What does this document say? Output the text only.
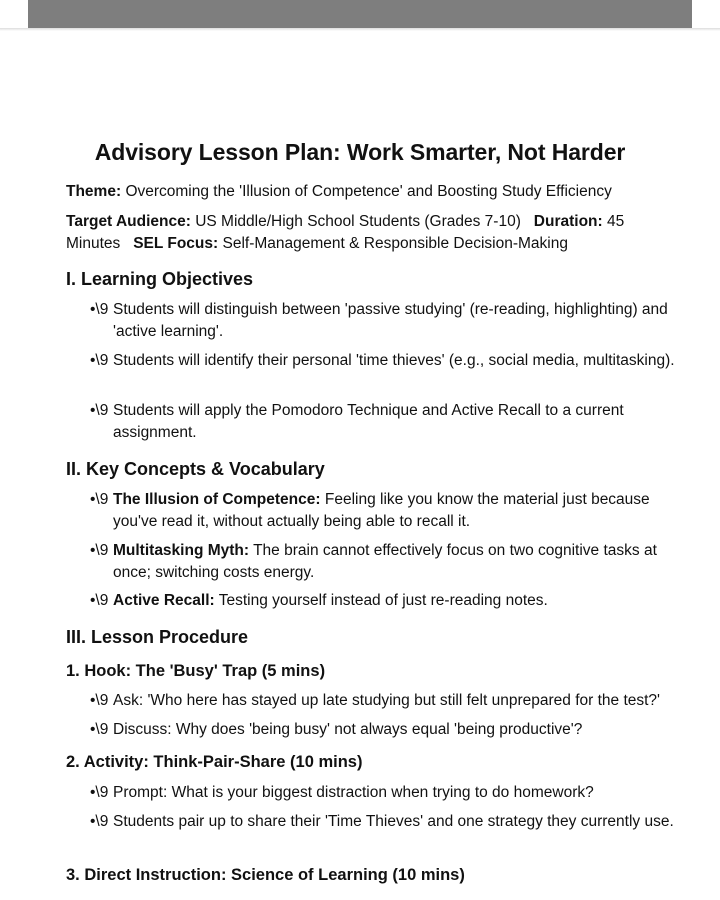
Advisory Lesson Plan: Work Smarter, Not Harder

Theme: Overcoming the 'Illusion of Competence' and Boosting Study Efficiency

Target Audience: US Middle/High School Students (Grades 7-10) Duration: 45 Minutes SEL Focus: Self-Management & Responsible Decision-Making

I. Learning Objectives

•\9 Students will distinguish between 'passive studying' (re-reading, highlighting) and 'active learning'.

•\9 Students will identify their personal 'time thieves' (e.g., social media, multitasking).

•\9 Students will apply the Pomodoro Technique and Active Recall to a current assignment.

II. Key Concepts & Vocabulary

•\9 The Illusion of Competence: Feeling like you know the material just because you've read it, without actually being able to recall it.

•\9 Multitasking Myth: The brain cannot effectively focus on two cognitive tasks at once; switching costs energy.

•\9 Active Recall: Testing yourself instead of just re-reading notes.

III. Lesson Procedure
1. Hook: The 'Busy' Trap (5 mins)

•\9 Ask: 'Who here has stayed up late studying but still felt unprepared for the test?'

•\9 Discuss: Why does 'being busy' not always equal 'being productive'?

2. Activity: Think-Pair-Share (10 mins)

•\9 Prompt: What is your biggest distraction when trying to do homework?

•\9 Students pair up to share their 'Time Thieves' and one strategy they currently use.

3. Direct Instruction: Science of Learning (10 mins)
